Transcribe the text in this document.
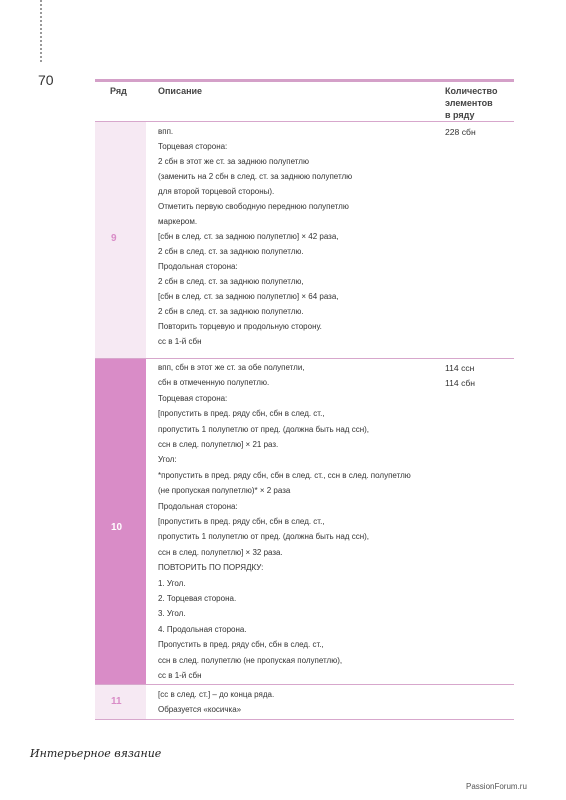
70
Ряд	Описание	Количество
элементов
в ряду
9
впп.
Торцевая сторона:
2 сбн в этот же ст. за заднюю полупетлю
(заменить на 2 сбн в след. ст. за заднюю полупетлю
для второй торцевой стороны).
Отметить первую свободную переднюю полупетлю
маркером.
[сбн в след. ст. за заднюю полупетлю] × 42 раза,
2 сбн в след. ст. за заднюю полупетлю.
Продольная сторона:
2 сбн в след. ст. за заднюю полупетлю,
[сбн в след. ст. за заднюю полупетлю] × 64 раза,
2 сбн в след. ст. за заднюю полупетлю.
Повторить торцевую и продольную сторону.
сс в 1-й сбн
228 сбн
10
впп, сбн в этот же ст. за обе полупетли,
сбн в отмеченную полупетлю.
Торцевая сторона:
[пропустить в пред. ряду сбн, сбн в след. ст.,
пропустить 1 полупетлю от пред. (должна быть над ссн),
ссн в след. полупетлю] × 21 раз.
Угол:
*пропустить в пред. ряду сбн, сбн в след. ст., ссн в след. полупетлю
(не пропуская полупетлю)* × 2 раза
Продольная сторона:
[пропустить в пред. ряду сбн, сбн в след. ст.,
пропустить 1 полупетлю от пред. (должна быть над ссн),
ссн в след. полупетлю] × 32 раза.
ПОВТОРИТЬ ПО ПОРЯДКУ:
1. Угол.
2. Торцевая сторона.
3. Угол.
4. Продольная сторона.
Пропустить в пред. ряду сбн, сбн в след. ст.,
ссн в след. полупетлю (не пропуская полупетлю),
сс в 1-й сбн
114 ссн
114 сбн
11
[сс в след. ст.] – до конца ряда.
Образуется «косичка»
Интерьерное вязание
PassionForum.ru
